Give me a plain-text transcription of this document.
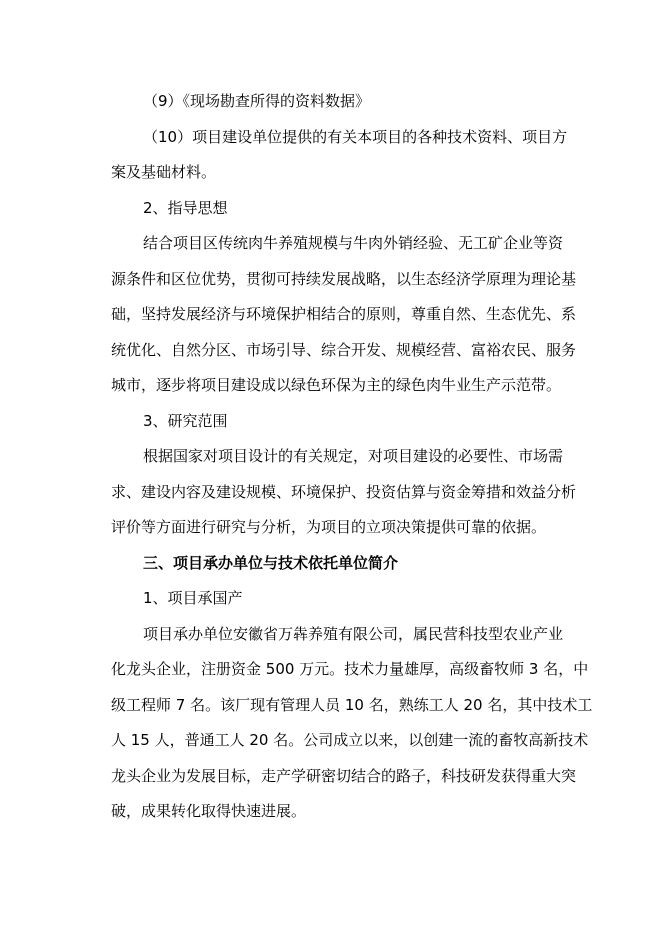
（9）《现场勘查所得的资料数据》
（10）项目建设单位提供的有关本项目的各种技术资料、项目方
案及基础材料。
2、指导思想
结合项目区传统肉牛养殖规模与牛肉外销经验、无工矿企业等资
源条件和区位优势，贯彻可持续发展战略，以生态经济学原理为理论基
础，坚持发展经济与环境保护相结合的原则，尊重自然、生态优先、系
统优化、自然分区、市场引导、综合开发、规模经营、富裕农民、服务
城市，逐步将项目建设成以绿色环保为主的绿色肉牛业生产示范带。
3、研究范围
根据国家对项目设计的有关规定，对项目建设的必要性、市场需
求、建设内容及建设规模、环境保护、投资估算与资金筹措和效益分析
评价等方面进行研究与分析，为项目的立项决策提供可靠的依据。
三、项目承办单位与技术依托单位简介
1、项目承国产
项目承办单位安徽省万犇养殖有限公司，属民营科技型农业产业
化龙头企业，注册资金 500 万元。技术力量雄厚，高级畜牧师 3 名，中
级工程师 7 名。该厂现有管理人员 10 名，熟练工人 20 名，其中技术工
人 15 人，普通工人 20 名。公司成立以来，以创建一流的畜牧高新技术
龙头企业为发展目标，走产学研密切结合的路子，科技研发获得重大突
破，成果转化取得快速进展。
